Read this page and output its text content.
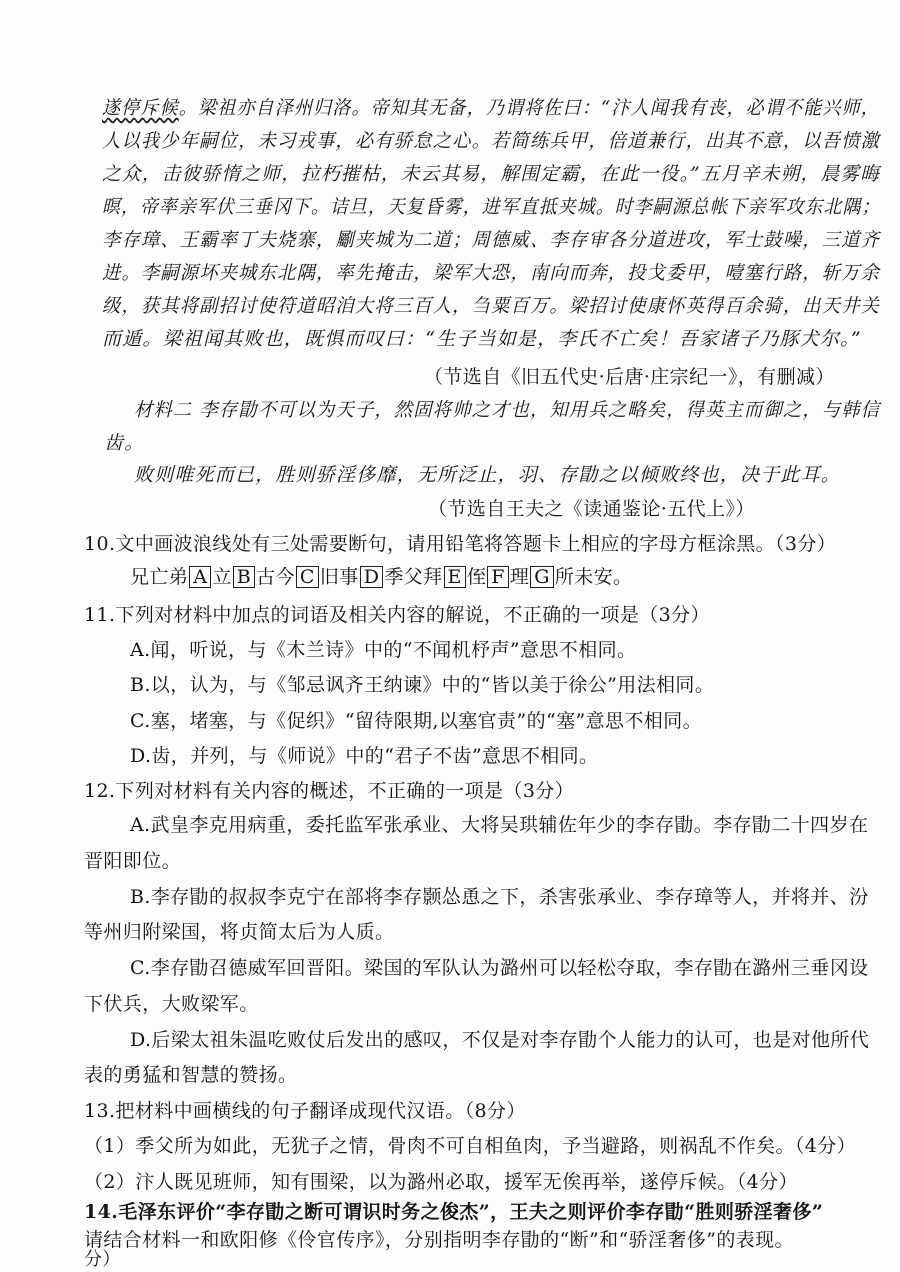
遂停斥候。梁祖亦自泽州归洛。帝知其无备，乃谓将佐曰：“汴人闻我有丧，必谓不能兴师，
人以我少年嗣位，未习戎事，必有骄怠之心。若简练兵甲，倍道兼行，出其不意，以吾愤激
之众，击彼骄惰之师，拉朽摧枯，未云其易，解围定霸，在此一役。”五月辛未朔，晨雾晦
暝，帝率亲军伏三垂冈下。诘旦，天复昏雾，进军直抵夹城。时李嗣源总帐下亲军攻东北隅；
李存璋、王霸率丁夫烧寨，劚夹城为二道；周德威、李存审各分道进攻，军士鼓噪，三道齐
进。李嗣源坏夹城东北隅，率先掩击，梁军大恐，南向而奔，投戈委甲，噎塞行路，斩万余
级，获其将副招讨使符道昭洎大将三百人，刍粟百万。梁招讨使康怀英得百余骑，出天井关
而遁。梁祖闻其败也，既惧而叹曰：“生子当如是，李氏不亡矣！吾家诸子乃豚犬尔。”
（节选自《旧五代史·后唐·庄宗纪一》，有删减）
材料二 李存勖不可以为天子，然固将帅之才也，知用兵之略矣，得英主而御之，与韩信
齿。
败则唯死而已，胜则骄淫侈靡，无所泛止，羽、存勖之以倾败终也，决于此耳。
（节选自王夫之《读通鉴论·五代上》）
10.文中画波浪线处有三处需要断句，请用铅笔将答题卡上相应的字母方框涂黑。（3分）
兄亡弟 A 立 B 古今 C 旧事 D 季父拜 E 侄 F 理 G 所未安。
11.下列对材料中加点的词语及相关内容的解说，不正确的一项是（3分）
A.闻，听说，与《木兰诗》中的“不闻机杼声”意思不相同。
B.以，认为，与《邹忌讽齐王纳谏》中的“皆以美于徐公”用法相同。
C.塞，堵塞，与《促织》“留待限期,以塞官责”的“塞”意思不相同。
D.齿，并列，与《师说》中的“君子不齿”意思不相同。
12.下列对材料有关内容的概述，不正确的一项是（3分）
A.武皇李克用病重，委托监军张承业、大将吴珙辅佐年少的李存勖。李存勖二十四岁在
晋阳即位。
B.李存勖的叔叔李克宁在部将李存颢怂恿之下，杀害张承业、李存璋等人，并将并、汾
等州归附梁国，将贞简太后为人质。
C.李存勖召德威军回晋阳。梁国的军队认为潞州可以轻松夺取，李存勖在潞州三垂冈设
下伏兵，大败梁军。
D.后梁太祖朱温吃败仗后发出的感叹，不仅是对李存勖个人能力的认可，也是对他所代
表的勇猛和智慧的赞扬。
13.把材料中画横线的句子翻译成现代汉语。（8分）
（1）季父所为如此，无犹子之情，骨肉不可自相鱼肉，予当避路，则祸乱不作矣。（4分）
（2）汴人既见班师，知有围梁，以为潞州必取，援军无俟再举，遂停斥候。（4分）
14.毛泽东评价“李存勖之断可谓识时务之俊杰”，王夫之则评价李存勖“胜则骄淫奢侈”
请结合材料一和欧阳修《伶官传序》，分别指明李存勖的“断”和“骄淫奢侈”的表现。
分）
